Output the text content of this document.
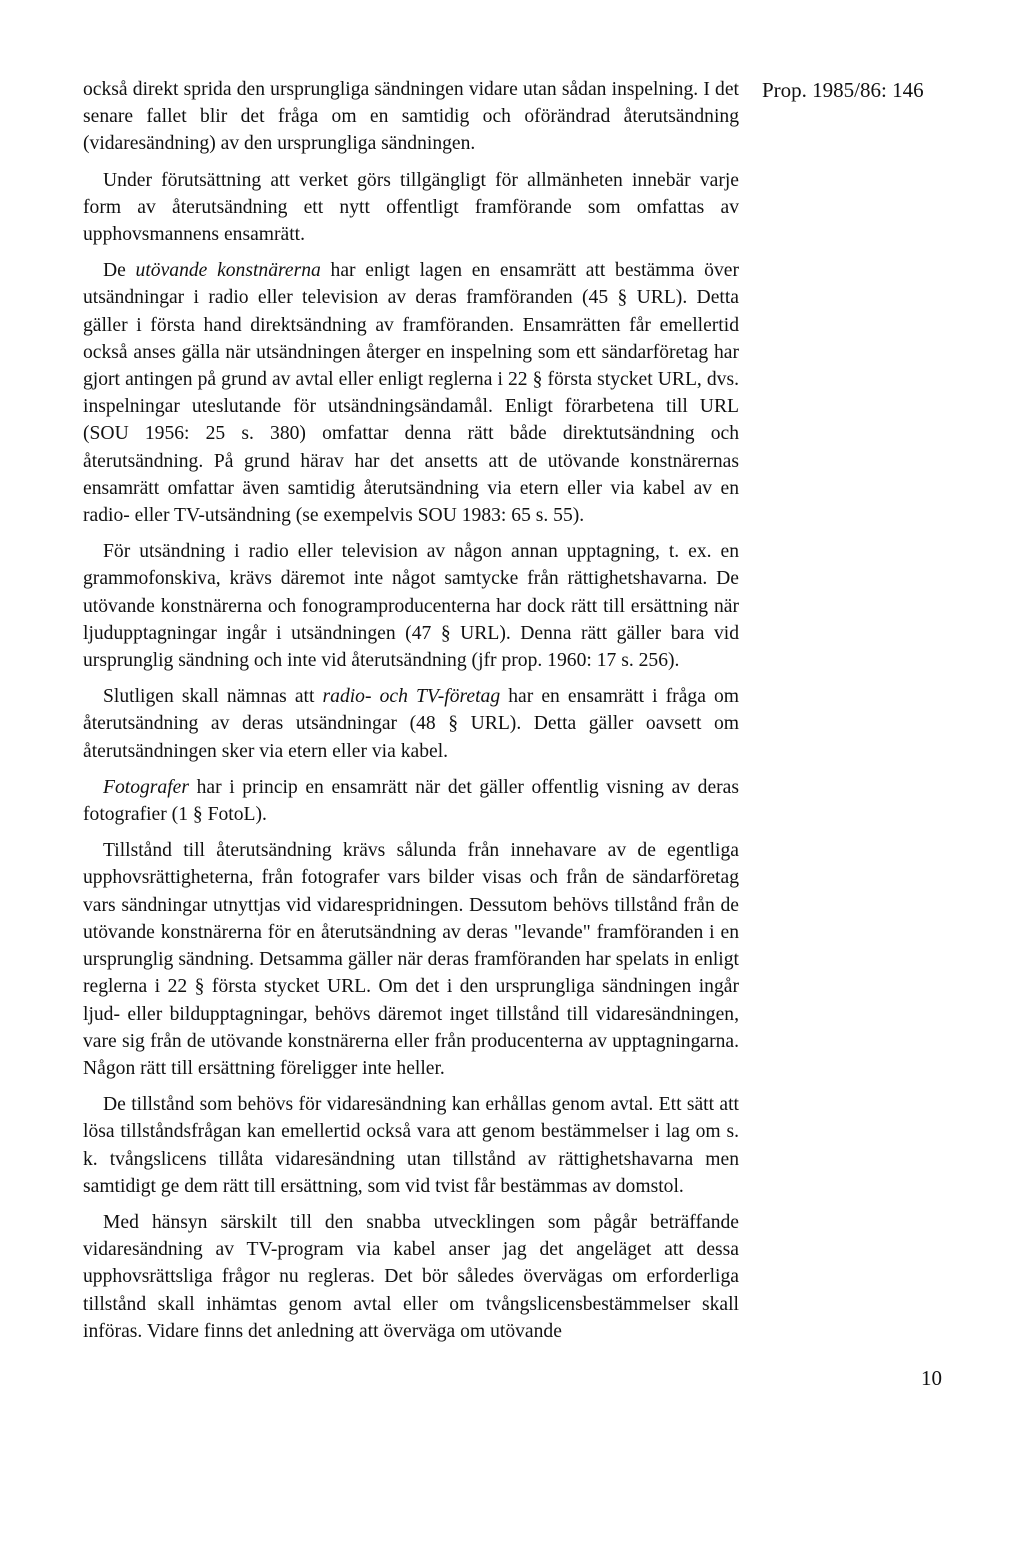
Prop. 1985/86: 146

också direkt sprida den ursprungliga sändningen vidare utan sådan inspelning. I det senare fallet blir det fråga om en samtidig och oförändrad återutsändning (vidaresändning) av den ursprungliga sändningen.

Under förutsättning att verket görs tillgängligt för allmänheten innebär varje form av återutsändning ett nytt offentligt framförande som omfattas av upphovsmannens ensamrätt.

De utövande konstnärerna har enligt lagen en ensamrätt att bestämma över utsändningar i radio eller television av deras framföranden (45 § URL). Detta gäller i första hand direktsändning av framföranden. Ensamrätten får emellertid också anses gälla när utsändningen återger en inspelning som ett sändarföretag har gjort antingen på grund av avtal eller enligt reglerna i 22 § första stycket URL, dvs. inspelningar uteslutande för utsändningsändamål. Enligt förarbetena till URL (SOU 1956: 25 s. 380) omfattar denna rätt både direktutsändning och återutsändning. På grund härav har det ansetts att de utövande konstnärernas ensamrätt omfattar även samtidig återutsändning via etern eller via kabel av en radio- eller TV-utsändning (se exempelvis SOU 1983: 65 s. 55).

För utsändning i radio eller television av någon annan upptagning, t. ex. en grammofonskiva, krävs däremot inte något samtycke från rättighetshavarna. De utövande konstnärerna och fonogramproducenterna har dock rätt till ersättning när ljudupptagningar ingår i utsändningen (47 § URL). Denna rätt gäller bara vid ursprunglig sändning och inte vid återutsändning (jfr prop. 1960: 17 s. 256).

Slutligen skall nämnas att radio- och TV-företag har en ensamrätt i fråga om återutsändning av deras utsändningar (48 § URL). Detta gäller oavsett om återutsändningen sker via etern eller via kabel.

Fotografer har i princip en ensamrätt när det gäller offentlig visning av deras fotografier (1 § FotoL).

Tillstånd till återutsändning krävs sålunda från innehavare av de egentliga upphovsrättigheterna, från fotografer vars bilder visas och från de sändarföretag vars sändningar utnyttjas vid vidarespridningen. Dessutom behövs tillstånd från de utövande konstnärerna för en återutsändning av deras "levande" framföranden i en ursprunglig sändning. Detsamma gäller när deras framföranden har spelats in enligt reglerna i 22 § första stycket URL. Om det i den ursprungliga sändningen ingår ljud- eller bildupptagningar, behövs däremot inget tillstånd till vidaresändningen, vare sig från de utövande konstnärerna eller från producenterna av upptagningarna. Någon rätt till ersättning föreligger inte heller.

De tillstånd som behövs för vidaresändning kan erhållas genom avtal. Ett sätt att lösa tillståndsfrågan kan emellertid också vara att genom bestämmelser i lag om s. k. tvångslicens tillåta vidaresändning utan tillstånd av rättighetshavarna men samtidigt ge dem rätt till ersättning, som vid tvist får bestämmas av domstol.

Med hänsyn särskilt till den snabba utvecklingen som pågår beträffande vidaresändning av TV-program via kabel anser jag det angeläget att dessa upphovsrättsliga frågor nu regleras. Det bör således övervägas om erforderliga tillstånd skall inhämtas genom avtal eller om tvångslicensbestämmelser skall införas. Vidare finns det anledning att överväga om utövande

10
